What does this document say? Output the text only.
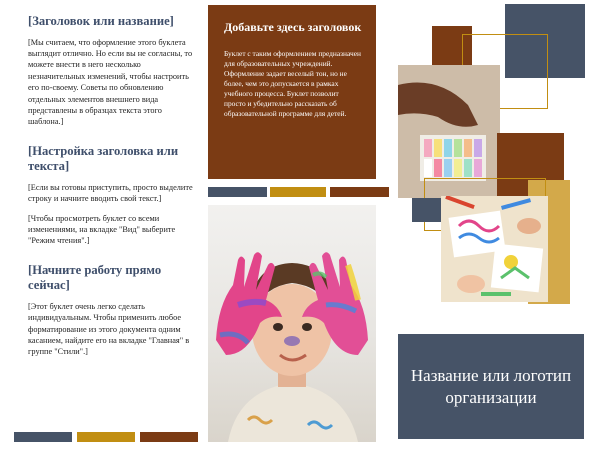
[Заголовок или название]

[Мы считаем, что оформление этого буклета выглядит отлично. Но если вы не согласны, то можете внести в него несколько незначительных изменений, чтобы настроить его по-своему. Советы по обновлению отдельных элементов внешнего вида представлены в образцах текста этого шаблона.]

[Настройка заголовка или текста]

[Если вы готовы приступить, просто выделите строку и начните вводить свой текст.]

[Чтобы просмотреть буклет со всеми изменениями, на вкладке "Вид" выберите "Режим чтения".]

[Начните работу прямо сейчас]

[Этот буклет очень легко сделать индивидуальным. Чтобы применить любое форматирование из этого документа одним касанием, найдите его на вкладке "Главная" в группе "Стили".]

Добавьте здесь заголовок

Буклет с таким оформлением предназначен для образовательных учреждений. Оформление задает веселый тон, но не более, чем это допускается в рамках учебного процесса. Буклет позволит просто и убедительно рассказать об образовательной программе для детей.

Название или логотип организации
